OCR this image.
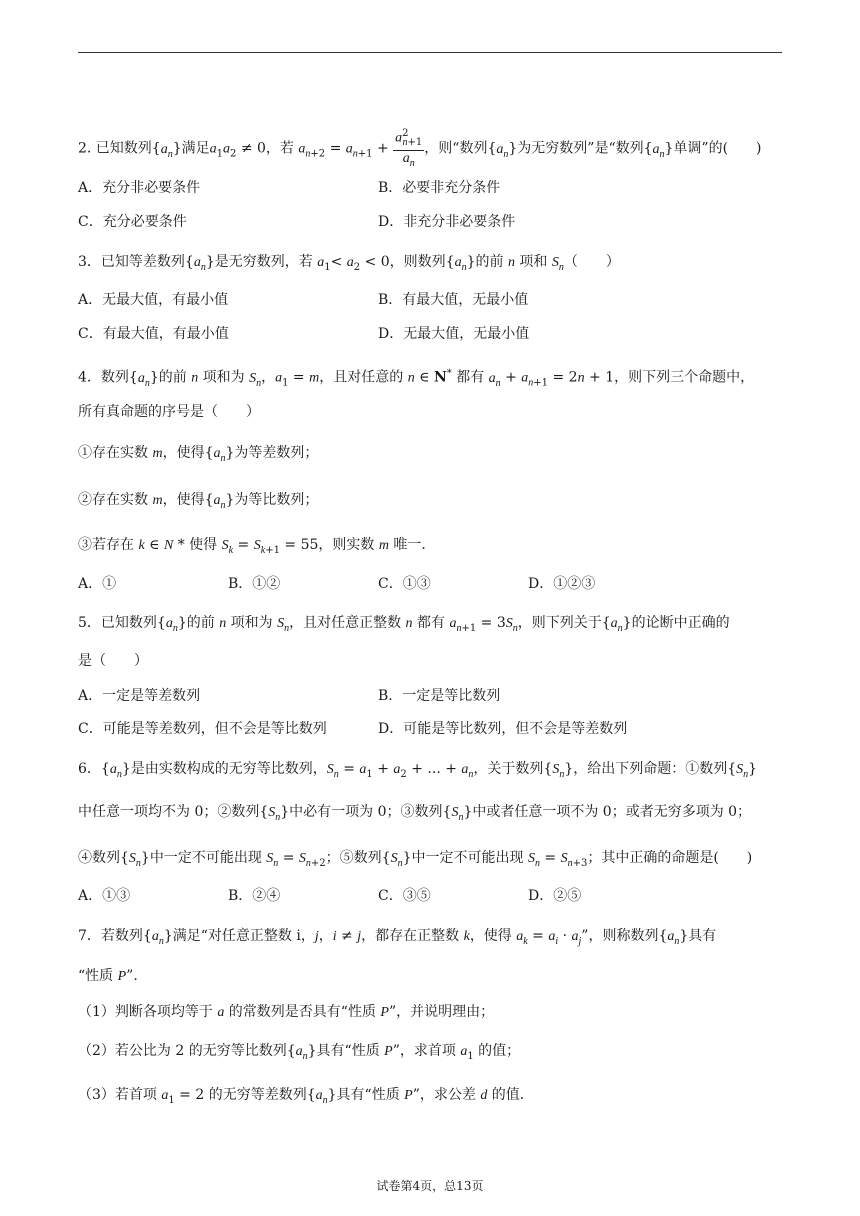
2. 已知数列$\{a_n\}$满足$a_1a_2 \ne 0$，若 $a_{n+2} = a_{n+1} + \frac{a^2_{n+1}}{a_n}$ ，则“数列$\{a_n\}$为无穷数列”是“数列$\{a_n\}$单调”的(　　)
A．充分非必要条件	B．必要非充分条件
C．充分必要条件	D．非充分非必要条件
3．已知等差数列$\{a_n\}$是无穷数列，若 $a_1< a_2 < 0$，则数列$\{a_n\}$的前 n 项和 $S_n$（　　）
A．无最大值，有最小值	B．有最大值，无最小值
C．有最大值，有最小值	D．无最大值，无最小值
4．数列$\{a_n\}$的前 n 项和为 $S_n$，$a_1 = m$，且对任意的 n ∈ N* 都有 $a_n + a_{n+1} = 2n + 1$，则下列三个命题中，
所有真命题的序号是（　　）
①存在实数 m，使得$\{a_n\}$为等差数列；
②存在实数 m，使得$\{a_n\}$为等比数列；
③若存在 k ∈ N * 使得 $S_k = S_{k+1} = 55$，则实数 m 唯一.
A．①	B．①②	C．①③	D．①②③
5．已知数列$\{a_n\}$的前 n 项和为 $S_n$，且对任意正整数 n 都有 $a_{n+1} = 3S_n$，则下列关于$\{a_n\}$的论断中正确的
是（　　）
A．一定是等差数列	B．一定是等比数列
C．可能是等差数列，但不会是等比数列	D．可能是等比数列，但不会是等差数列
6．$\{a_n\}$是由实数构成的无穷等比数列，$S_n = a_1 + a_2$ + ... + $a_n$，关于数列$\{S_n\}$，给出下列命题：①数列$\{S_n\}$
中任意一项均不为 0；②数列$\{S_n\}$中必有一项为 0；③数列$\{S_n\}$中或者任意一项不为 0；或者无穷多项为 0；
④数列$\{S_n\}$中一定不可能出现 $S_n = S_{n+2}$；⑤数列$\{S_n\}$中一定不可能出现 $S_n = S_{n+3}$；其中正确的命题是(　　)
A．①③	B．②④	C．③⑤	D．②⑤
7．若数列$\{a_n\}$满足“对任意正整数 i，j，i ≠ j，都存在正整数 k，使得 $a_k = a_i \cdot a_j$”，则称数列$\{a_n\}$具有
“性质 P”.
（1）判断各项均等于 a 的常数列是否具有“性质 P”，并说明理由；
（2）若公比为 2 的无穷等比数列$\{a_n\}$具有“性质 P”，求首项 $a_1$ 的值；
（3）若首项 $a_1 = 2$ 的无穷等差数列$\{a_n\}$具有“性质 P”，求公差 d 的值.
试卷第4页，总13页
